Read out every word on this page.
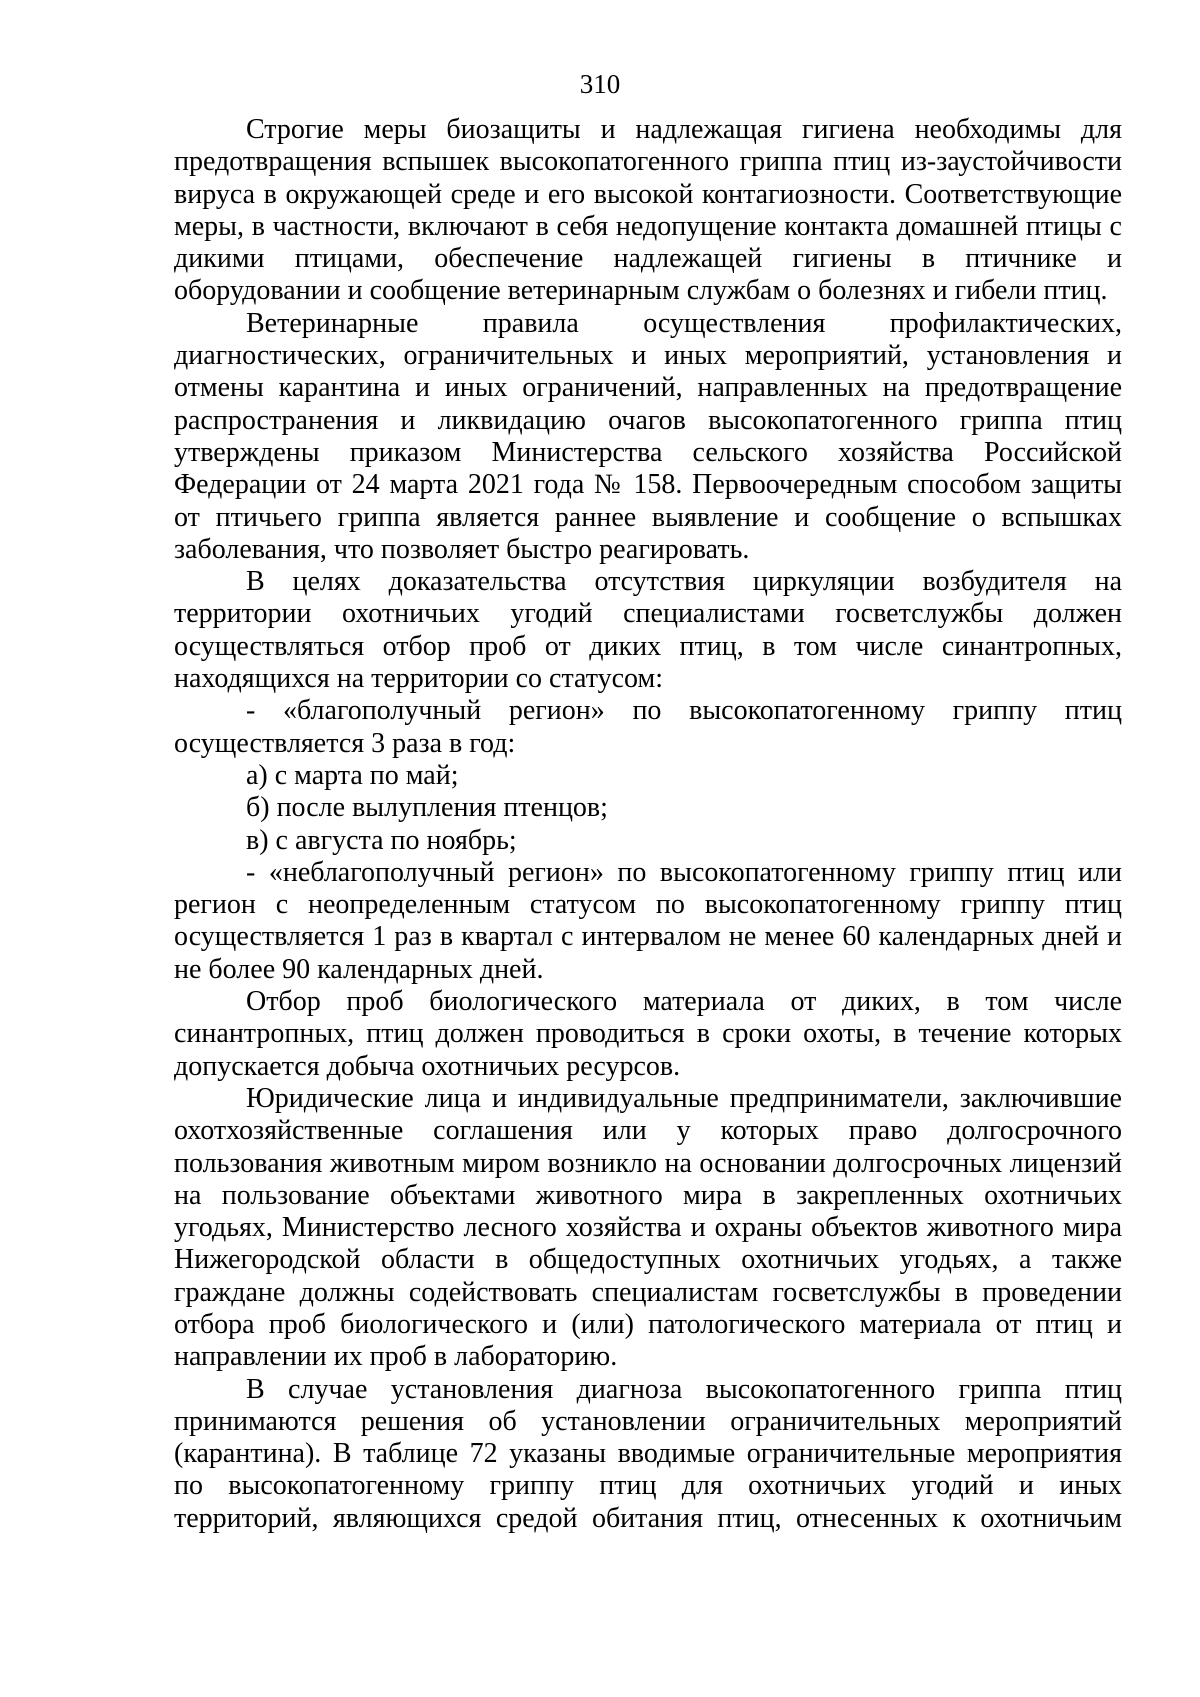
310

Строгие меры биозащиты и надлежащая гигиена необходимы для предотвращения вспышек высокопатогенного гриппа птиц из-заустойчивости вируса в окружающей среде и его высокой контагиозности. Соответствующие меры, в частности, включают в себя недопущение контакта домашней птицы с дикими птицами, обеспечение надлежащей гигиены в птичнике и оборудовании и сообщение ветеринарным службам о болезнях и гибели птиц.

Ветеринарные правила осуществления профилактических, диагностических, ограничительных и иных мероприятий, установления и отмены карантина и иных ограничений, направленных на предотвращение распространения и ликвидацию очагов высокопатогенного гриппа птиц утверждены приказом Министерства сельского хозяйства Российской Федерации от 24 марта 2021 года № 158. Первоочередным способом защиты от птичьего гриппа является раннее выявление и сообщение о вспышках заболевания, что позволяет быстро реагировать.

В целях доказательства отсутствия циркуляции возбудителя на территории охотничьих угодий специалистами госветслужбы должен осуществляться отбор проб от диких птиц, в том числе синантропных, находящихся на территории со статусом:

- «благополучный регион» по высокопатогенному гриппу птиц осуществляется 3 раза в год:

а) с марта по май;

б) после вылупления птенцов;

в) с августа по ноябрь;

- «неблагополучный регион» по высокопатогенному гриппу птиц или регион с неопределенным статусом по высокопатогенному гриппу птиц осуществляется 1 раз в квартал с интервалом не менее 60 календарных дней и не более 90 календарных дней.

Отбор проб биологического материала от диких, в том числе синантропных, птиц должен проводиться в сроки охоты, в течение которых допускается добыча охотничьих ресурсов.

Юридические лица и индивидуальные предприниматели, заключившие охотхозяйственные соглашения или у которых право долгосрочного пользования животным миром возникло на основании долгосрочных лицензий на пользование объектами животного мира в закрепленных охотничьих угодьях, Министерство лесного хозяйства и охраны объектов животного мира Нижегородской области в общедоступных охотничьих угодьях, а также граждане должны содействовать специалистам госветслужбы в проведении отбора проб биологического и (или) патологического материала от птиц и направлении их проб в лабораторию.

В случае установления диагноза высокопатогенного гриппа птиц принимаются решения об установлении ограничительных мероприятий (карантина). В таблице 72 указаны вводимые ограничительные мероприятия по высокопатогенному гриппу птиц для охотничьих угодий и иных территорий, являющихся средой обитания птиц, отнесенных к охотничьим
